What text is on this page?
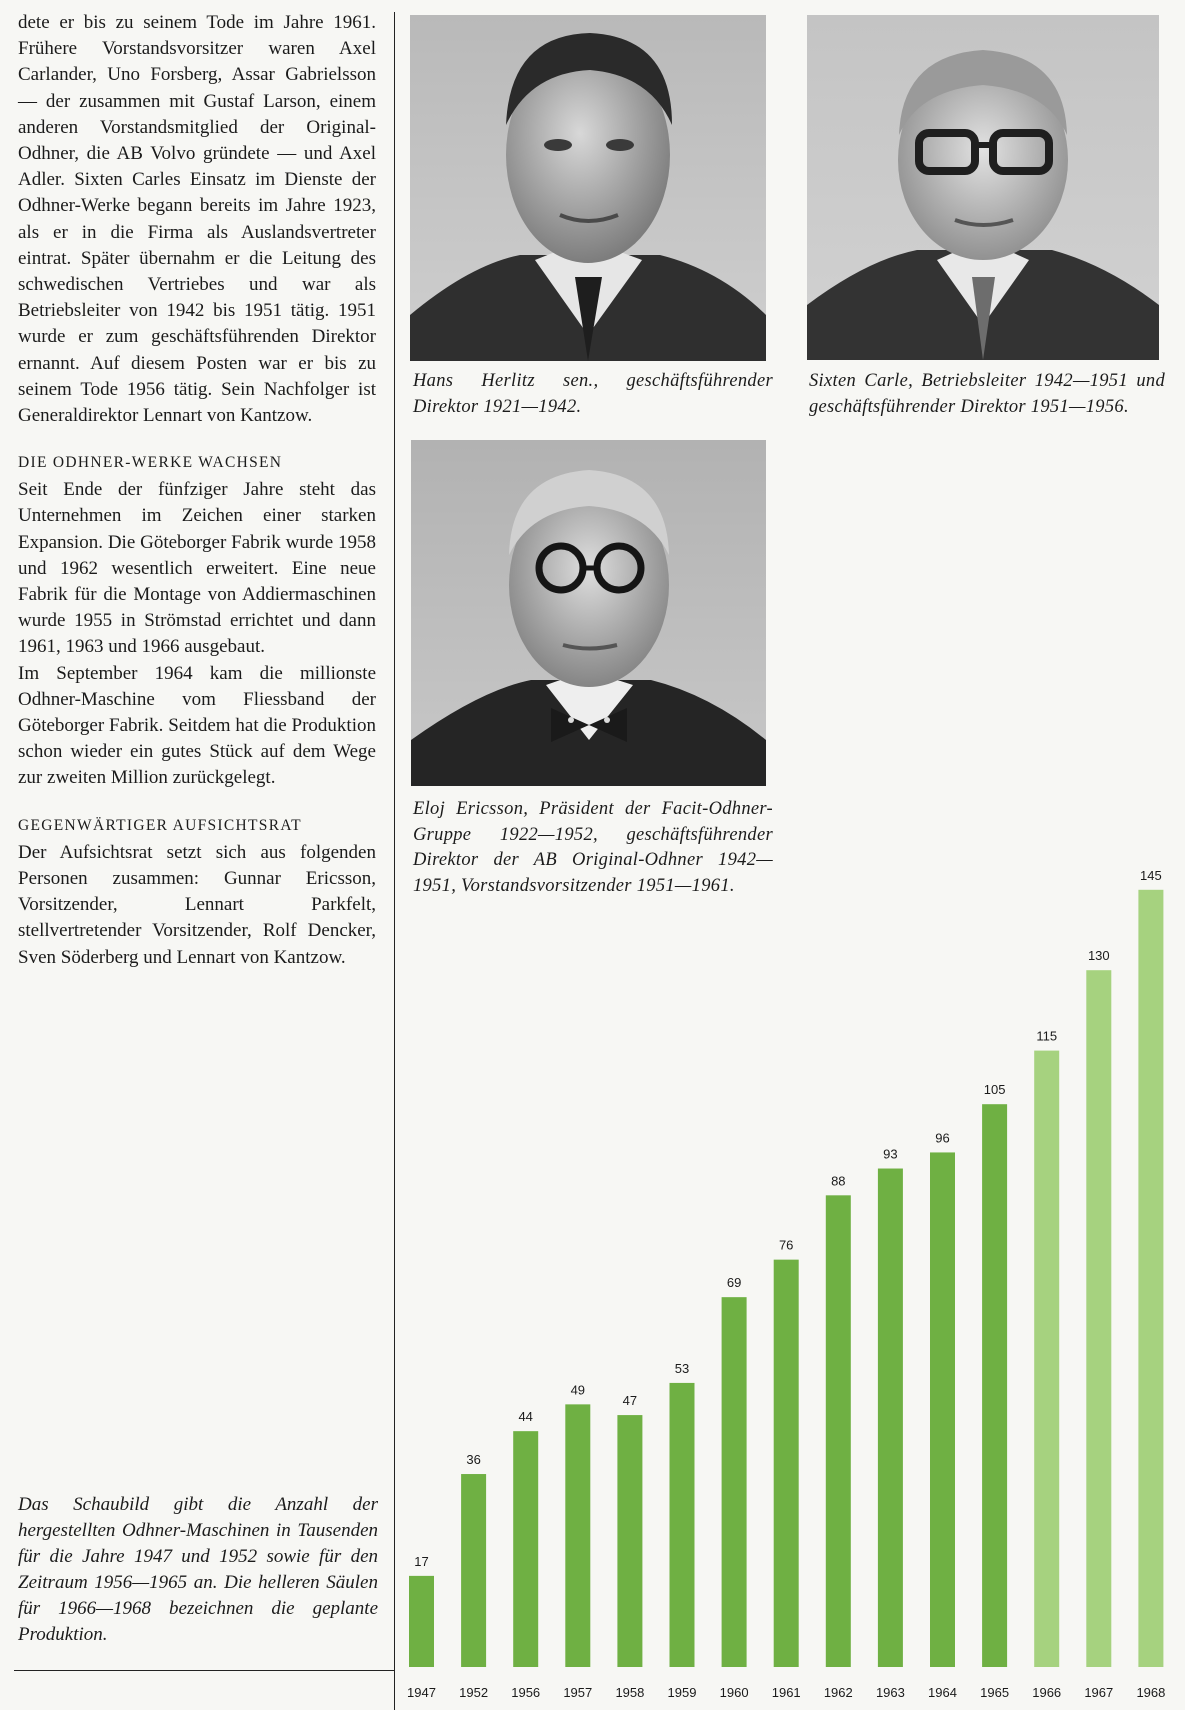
dete er bis zu seinem Tode im Jahre 1961. Frühere Vorstandsvorsitzer waren Axel Carlander, Uno Forsberg, Assar Gabrielsson — der zusammen mit Gustaf Larson, einem anderen Vorstandsmitglied der Original-Odhner, die AB Volvo gründete — und Axel Adler. Sixten Carles Einsatz im Dienste der Odhner-Werke begann bereits im Jahre 1923, als er in die Firma als Auslandsvertreter eintrat. Später übernahm er die Leitung des schwedischen Vertriebes und war als Betriebsleiter von 1942 bis 1951 tätig. 1951 wurde er zum geschäftsführenden Direktor ernannt. Auf diesem Posten war er bis zu seinem Tode 1956 tätig. Sein Nachfolger ist Generaldirektor Lennart von Kantzow.

DIE ODHNER-WERKE WACHSEN

Seit Ende der fünfziger Jahre steht das Unternehmen im Zeichen einer starken Expansion. Die Göteborger Fabrik wurde 1958 und 1962 wesentlich erweitert. Eine neue Fabrik für die Montage von Addiermaschinen wurde 1955 in Strömstad errichtet und dann 1961, 1963 und 1966 ausgebaut.

Im September 1964 kam die millionste Odhner-Maschine vom Fliessband der Göteborger Fabrik. Seitdem hat die Produktion schon wieder ein gutes Stück auf dem Wege zur zweiten Million zurückgelegt.

GEGENWÄRTIGER AUFSICHTSRAT

Der Aufsichtsrat setzt sich aus folgenden Personen zusammen: Gunnar Ericsson, Vorsitzender, Lennart Parkfelt, stellvertretender Vorsitzender, Rolf Dencker, Sven Söderberg und Lennart von Kantzow.

Das Schaubild gibt die Anzahl der hergestellten Odhner-Maschinen in Tausenden für die Jahre 1947 und 1952 sowie für den Zeitraum 1956—1965 an. Die helleren Säulen für 1966—1968 bezeichnen die geplante Produktion.

Hans Herlitz sen., geschäftsführender Direktor 1921—1942.

Sixten Carle, Betriebsleiter 1942—1951 und geschäftsführender Direktor 1951—1956.

Eloj Ericsson, Präsident der Facit-Odhner-Gruppe 1922—1952, geschäftsführender Direktor der AB Original-Odhner 1942—1951, Vorstandsvorsitzender 1951—1961.

17
1947
36
1952
44
1956
49
1957
47
1958
53
1959
69
1960
76
1961
88
1962
93
1963
96
1964
105
1965
115
1966
130
1967
145
1968
